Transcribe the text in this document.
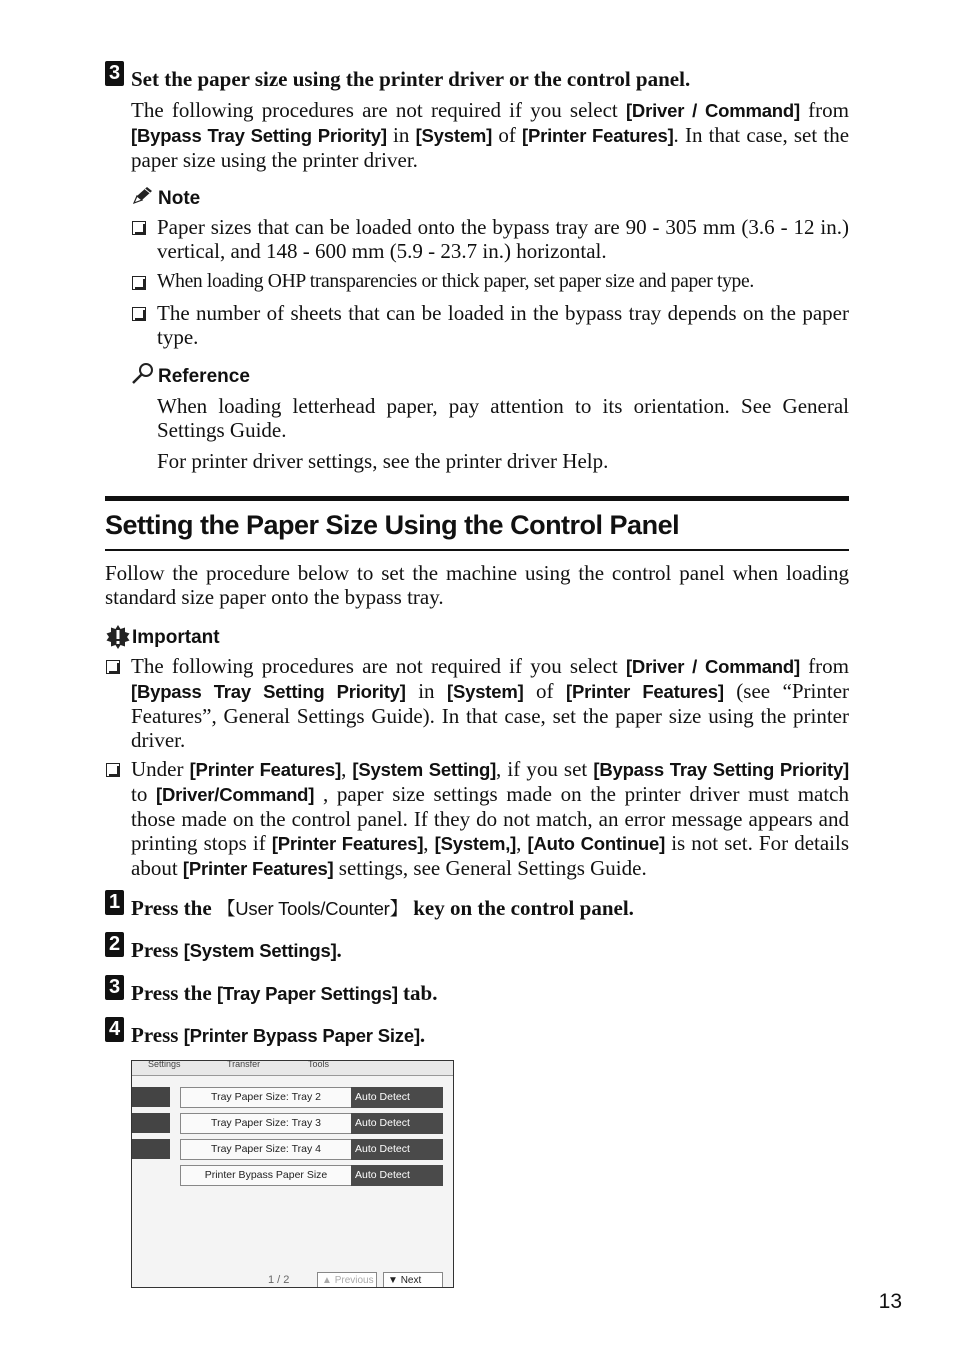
3 Set the paper size using the printer driver or the control panel.
The following procedures are not required if you select [Driver / Command] from [Bypass Tray Setting Priority] in [System] of [Printer Features]. In that case, set the paper size using the printer driver.
Note
Paper sizes that can be loaded onto the bypass tray are 90 - 305 mm (3.6 - 12 in.) vertical, and 148 - 600 mm (5.9 - 23.7 in.) horizontal.
When loading OHP transparencies or thick paper, set paper size and paper type.
The number of sheets that can be loaded in the bypass tray depends on the paper type.
Reference
When loading letterhead paper, pay attention to its orientation. See General Settings Guide.
For printer driver settings, see the printer driver Help.
Setting the Paper Size Using the Control Panel
Follow the procedure below to set the machine using the control panel when loading standard size paper onto the bypass tray.
Important
The following procedures are not required if you select [Driver / Command] from [Bypass Tray Setting Priority] in [System] of [Printer Features] (see “Printer Features”, General Settings Guide). In that case, set the paper size using the printer driver.
Under [Printer Features], [System Setting], if you set [Bypass Tray Setting Priority] to [Driver/Command] , paper size settings made on the printer driver must match those made on the control panel. If they do not match, an error message appears and printing stops if [Printer Features], [System,], [Auto Continue] is not set. For details about [Printer Features] settings, see General Settings Guide.
1 Press the 【User Tools/Counter】 key on the control panel.
2 Press [System Settings].
3 Press the [Tray Paper Settings] tab.
4 Press [Printer Bypass Paper Size].
Settings	Transfer	Tools
Tray Paper Size: Tray 2	Auto Detect
Tray Paper Size: Tray 3	Auto Detect
Tray Paper Size: Tray 4	Auto Detect
Printer Bypass Paper Size	Auto Detect
1 / 2	▲ Previous	▼ Next
13
